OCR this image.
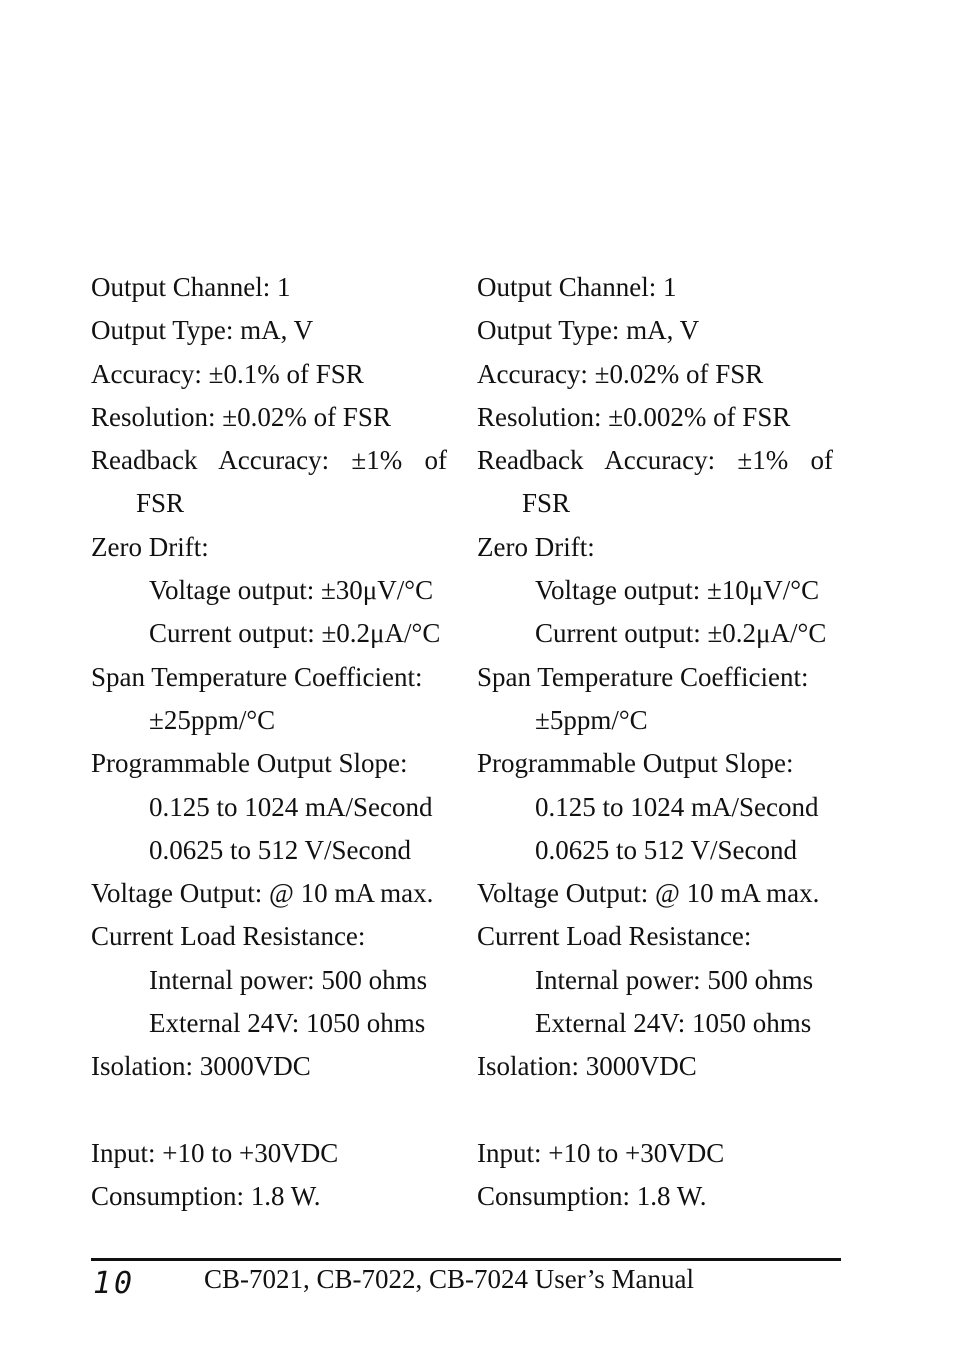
Output Channel: 1
Output Type: mA, V
Accuracy: ±0.1% of FSR
Resolution: ±0.02% of FSR
Readback Accuracy: ±1% of
FSR
Zero Drift:
Voltage output: ±30μV/°C
Current output: ±0.2μA/°C
Span Temperature Coefficient:
±25ppm/°C
Programmable Output Slope:
0.125 to 1024 mA/Second
0.0625 to 512 V/Second
Voltage Output: @ 10 mA max.
Current Load Resistance:
Internal power: 500 ohms
External 24V: 1050 ohms
Isolation: 3000VDC
Input: +10 to +30VDC
Consumption: 1.8 W.
Output Channel: 1
Output Type: mA, V
Accuracy: ±0.02% of FSR
Resolution: ±0.002% of FSR
Readback Accuracy: ±1% of
FSR
Zero Drift:
Voltage output: ±10μV/°C
Current output: ±0.2μA/°C
Span Temperature Coefficient:
±5ppm/°C
Programmable Output Slope:
0.125 to 1024 mA/Second
0.0625 to 512 V/Second
Voltage Output: @ 10 mA max.
Current Load Resistance:
Internal power: 500 ohms
External 24V: 1050 ohms
Isolation: 3000VDC
Input: +10 to +30VDC
Consumption: 1.8 W.
10	CB-7021, CB-7022, CB-7024 User’s Manual
